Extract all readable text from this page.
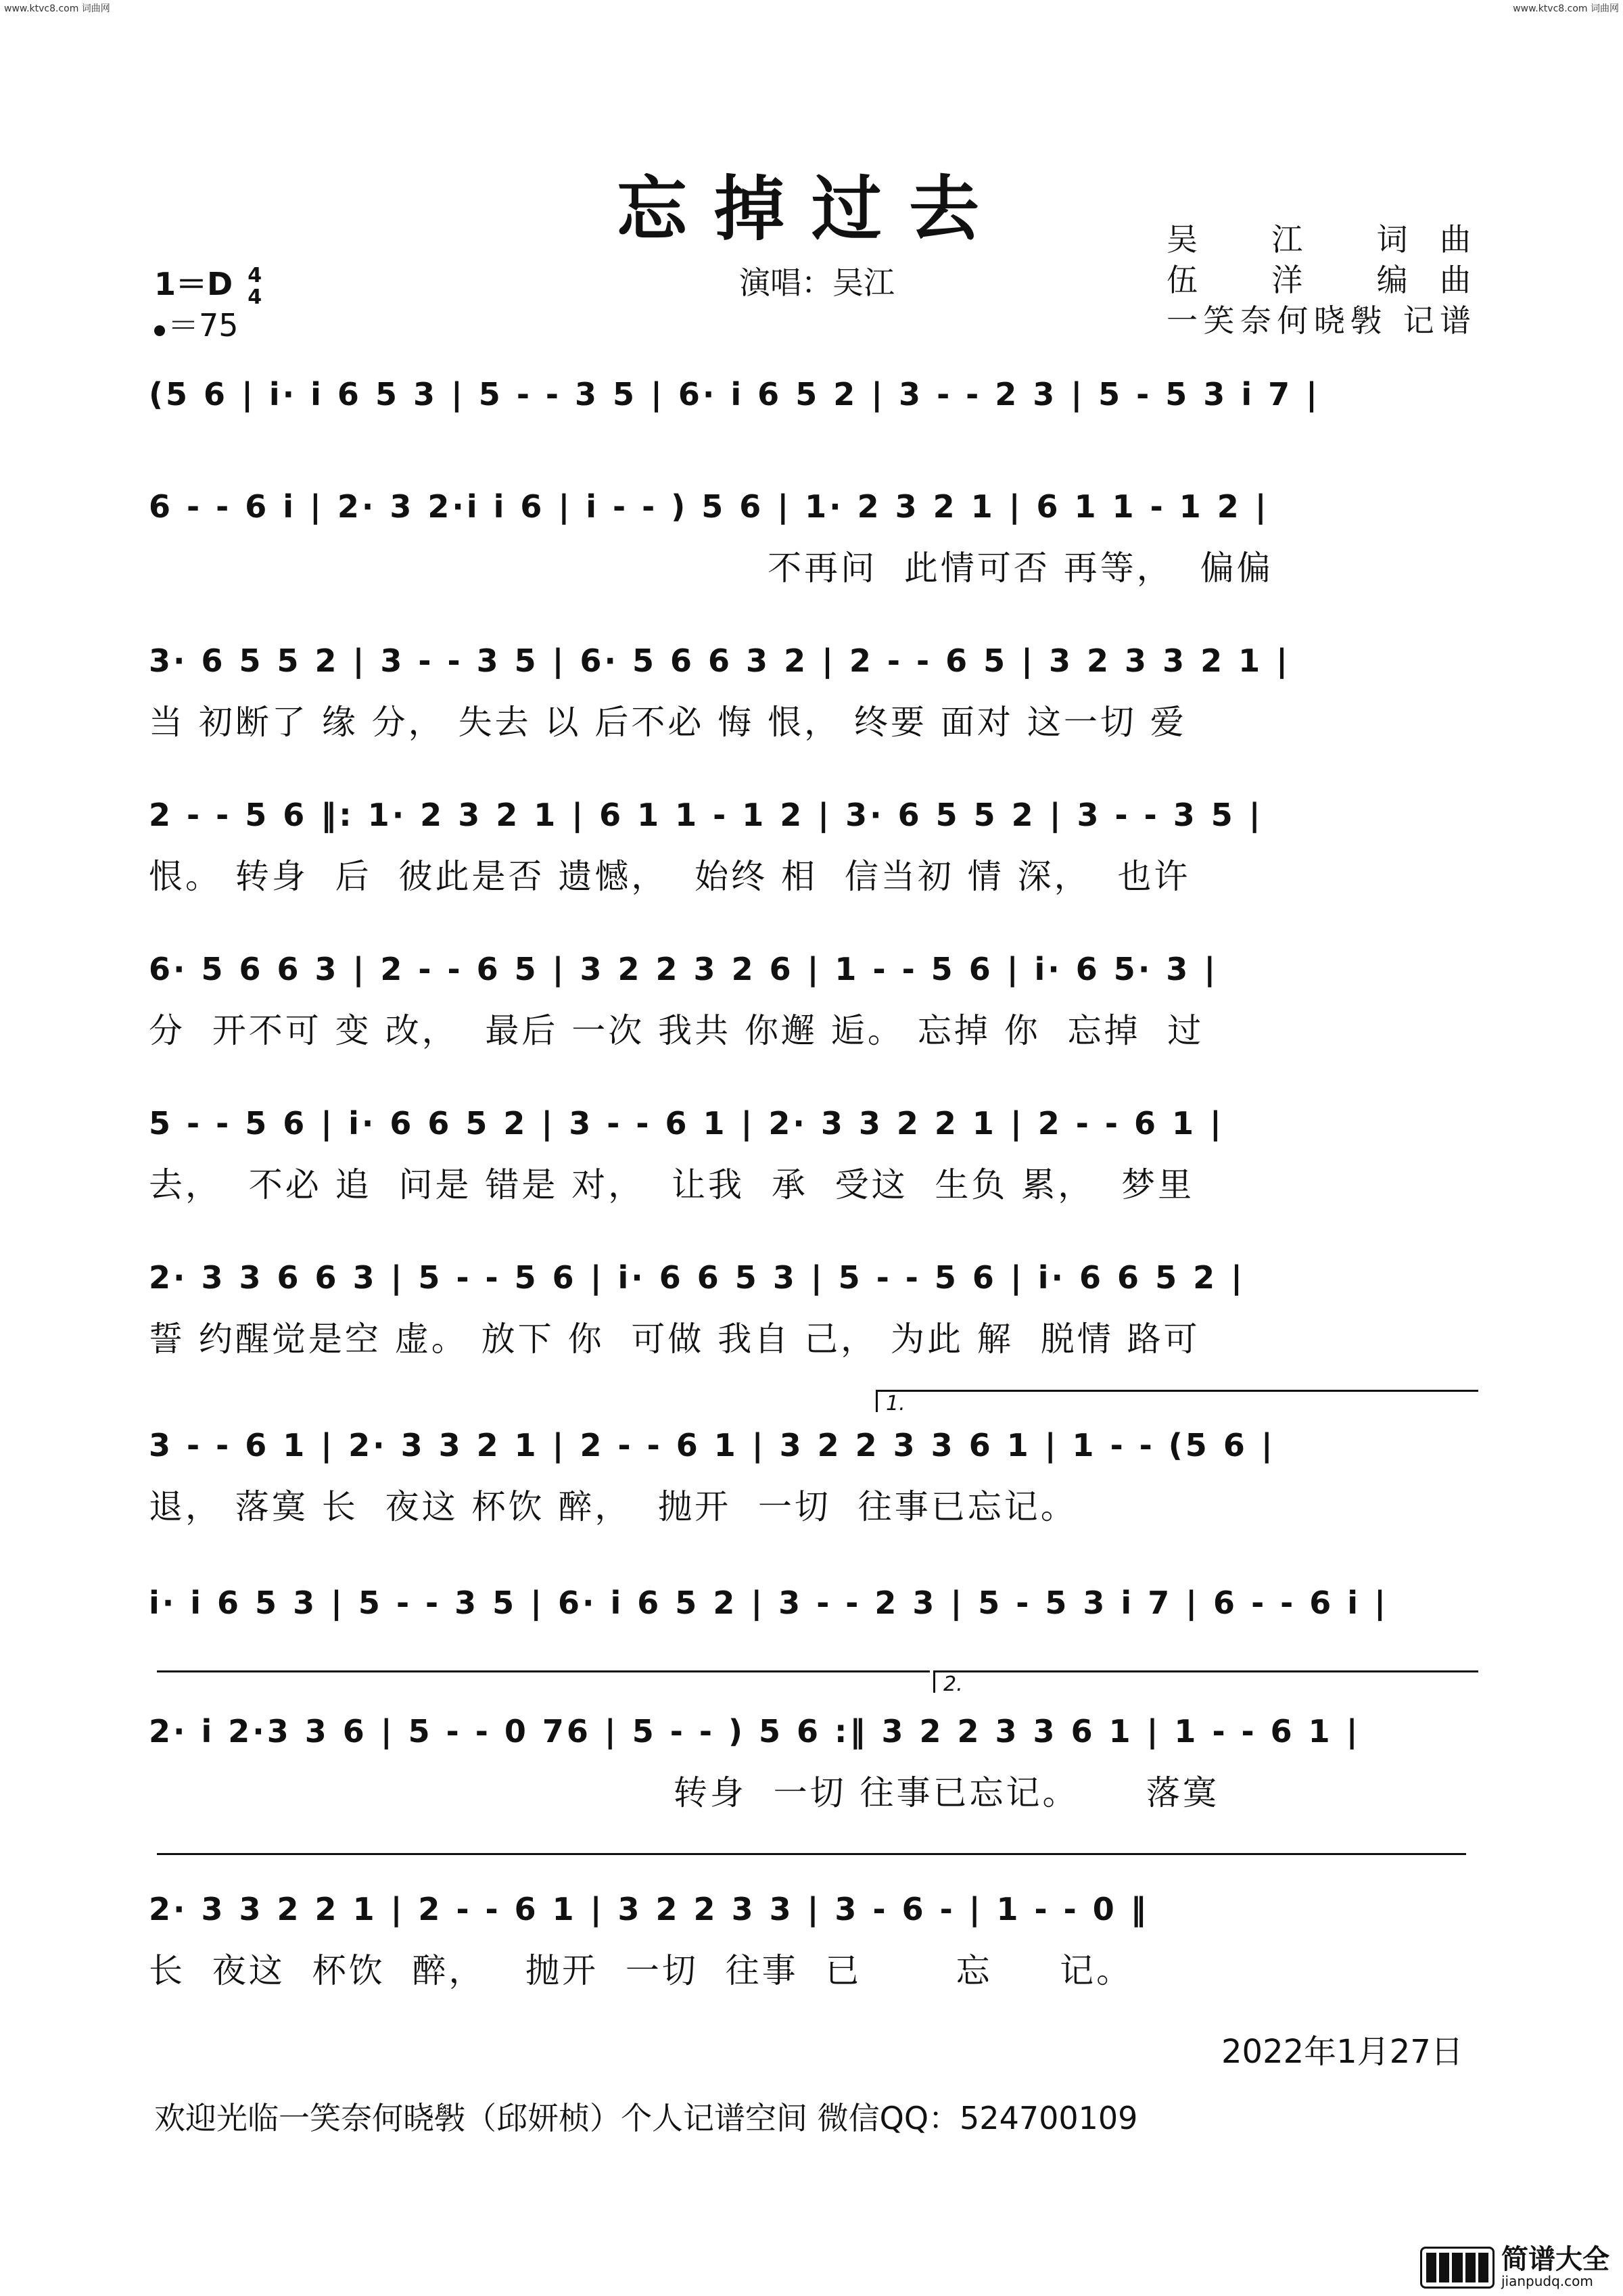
www.ktvc8.com 词曲网	www.ktvc8.com 词曲网
忘掉过去
1＝D 4
4
＝75
演唱：吴江
吴 江 词曲
伍 洋 编曲
一笑奈何晓斅 记谱
(5 6 | i· i 6 5 3 | 5 - - 3 5 | 6· i 6 5 2 | 3 - - 2 3 | 5 - 5 3 i 7 |
6 - - 6 i | 2· 3 2·i i 6 | i - - ) 5 6 | 1· 2 3 2 1 | 6 1 1 - 1 2 |
不再问  此情可否 再等，  偏偏
3· 6 5 5 2 | 3 - - 3 5 | 6· 5 6 6 3 2 | 2 - - 6 5 | 3 2 3 3 2 1 |
当 初断了 缘 分， 失去 以 后不必 悔 恨， 终要 面对 这一切 爱
2 - - 5 6 ‖: 1· 2 3 2 1 | 6 1 1 - 1 2 | 3· 6 5 5 2 | 3 - - 3 5 |
恨。 转身  后  彼此是否 遗憾，  始终 相  信当初 情 深，  也许
6· 5 6 6 3 | 2 - - 6 5 | 3 2 2 3 2 6 | 1 - - 5 6 | i· 6 5· 3 |
分  开不可 变 改，  最后 一次 我共 你邂 逅。 忘掉 你  忘掉  过
5 - - 5 6 | i· 6 6 5 2 | 3 - - 6 1 | 2· 3 3 2 2 1 | 2 - - 6 1 |
去，  不必 追  问是 错是 对，  让我  承  受这  生负 累，  梦里
2· 3 3 6 6 3 | 5 - - 5 6 | i· 6 6 5 3 | 5 - - 5 6 | i· 6 6 5 2 |
誓 约醒觉是空 虚。 放下 你  可做 我自 己， 为此 解  脱情 路可
1.
3 - - 6 1 | 2· 3 3 2 1 | 2 - - 6 1 | 3 2 2 3 3 6 1 | 1 - - (5 6 |
退， 落寞 长  夜这 杯饮 醉，  抛开  一切  往事已忘记。
i· i 6 5 3 | 5 - - 3 5 | 6· i 6 5 2 | 3 - - 2 3 | 5 - 5 3 i 7 | 6 - - 6 i |
2.
2· i 2·3 3 6 | 5 - - 0 76 | 5 - - ) 5 6 :‖ 3 2 2 3 3 6 1 | 1 - - 6 1 |
转身  一切 往事已忘记。     落寞
2· 3 3 2 2 1 | 2 - - 6 1 | 3 2 2 3 3 | 3 - 6 - | 1 - - 0 ‖
长  夜这  杯饮  醉，   抛开  一切  往事  已       忘     记。
2022年1月27日
欢迎光临一笑奈何晓斅（邱妍桢）个人记谱空间 微信QQ：524700109
简谱大全
jianpudq.com
